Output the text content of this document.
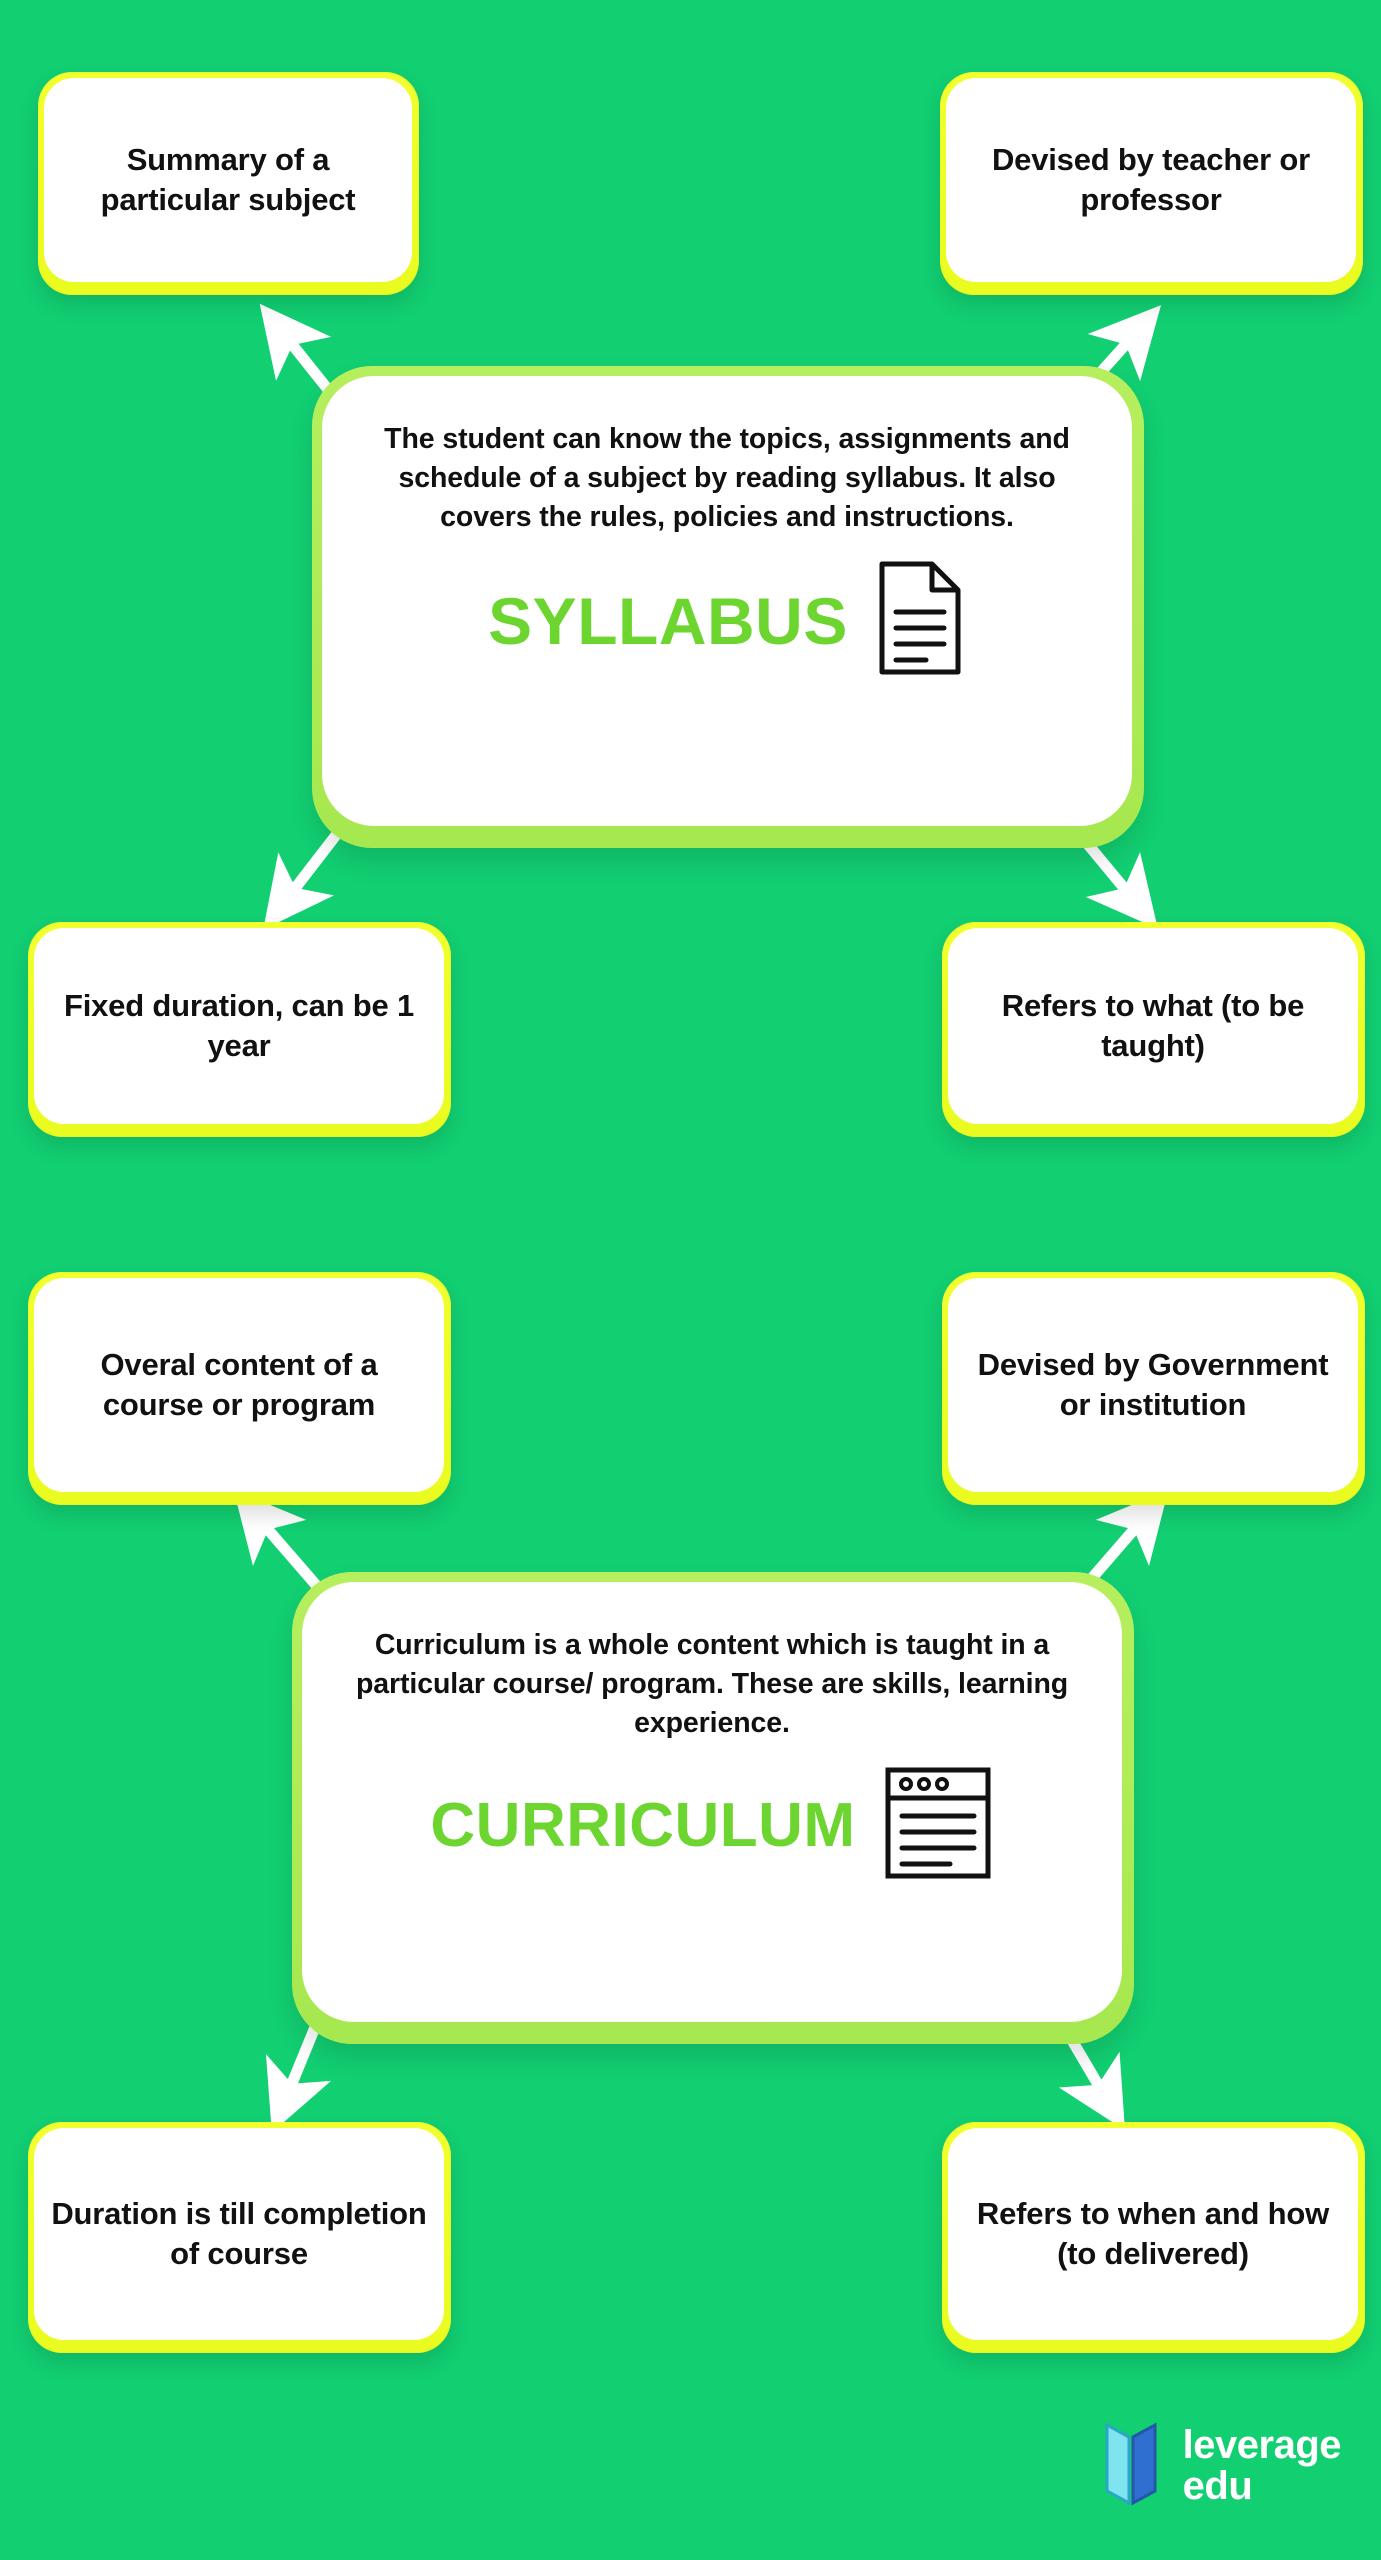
Summary of a particular subject
Devised by teacher or professor
Fixed duration, can be 1 year
Refers to what (to be taught)
The student can know the topics, assignments and schedule of a subject by reading syllabus. It also covers the rules, policies and instructions.
SYLLABUS
Overal content of a course or program
Devised by Government or institution
Duration is till completion of course
Refers to when and how (to delivered)
Curriculum is a whole content which is taught in a particular course/ program. These are skills, learning experience.
CURRICULUM
leverage
edu
